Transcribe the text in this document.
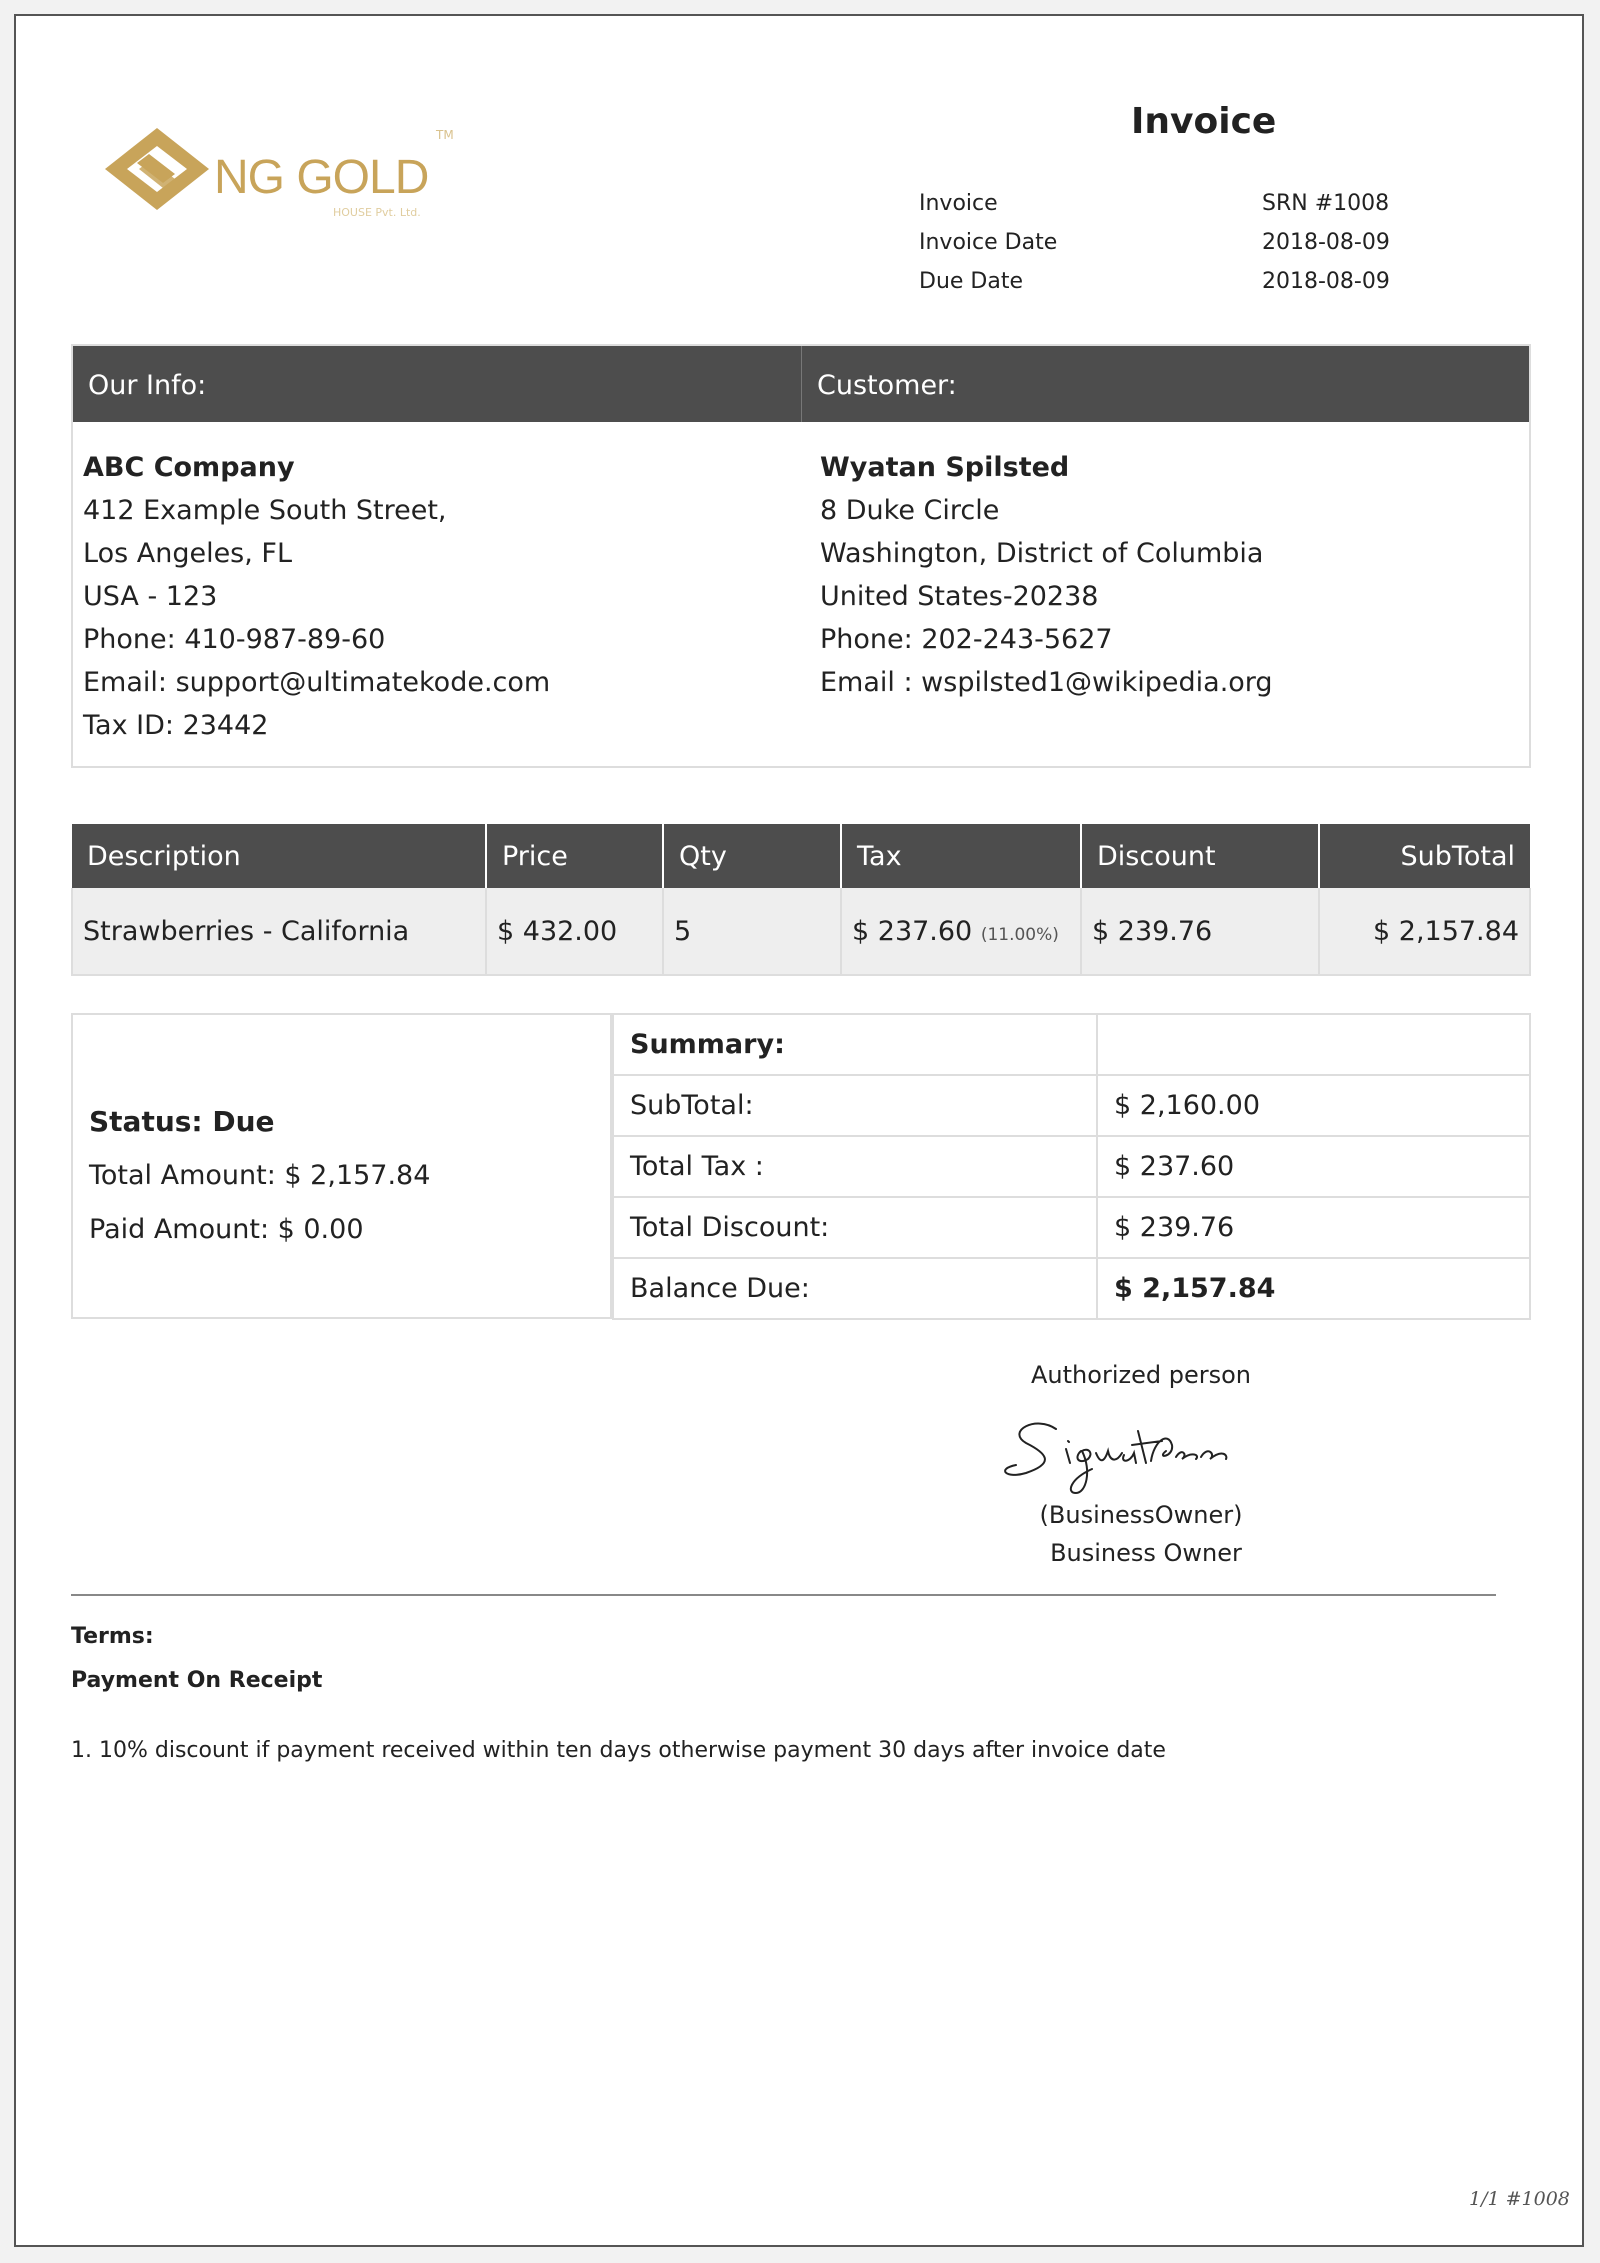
NG GOLD
TM
HOUSE Pvt. Ltd.
Invoice
Invoice	SRN #1008
Invoice Date	2018-08-09
Due Date	2018-08-09
Our Info:	Customer:
ABC Company
412 Example South Street,
Los Angeles, FL
USA - 123
Phone: 410-987-89-60
Email: support@ultimatekode.com
Tax ID: 23442
Wyatan Spilsted
8 Duke Circle
Washington, District of Columbia
United States-20238
Phone: 202-243-5627
Email : wspilsted1@wikipedia.org
Description	Price	Qty	Tax	Discount	SubTotal
Strawberries - California	$ 432.00	5	$ 237.60 (11.00%)	$ 239.76	$ 2,157.84
Status: Due
Total Amount: $ 2,157.84
Paid Amount: $ 0.00
Summary:	
SubTotal:	$ 2,160.00
Total Tax :	$ 237.60
Total Discount:	$ 239.76
Balance Due:	$ 2,157.84
Authorized person
(BusinessOwner)
Business Owner
Terms:
Payment On Receipt
1. 10% discount if payment received within ten days otherwise payment 30 days after invoice date
1/1 #1008
